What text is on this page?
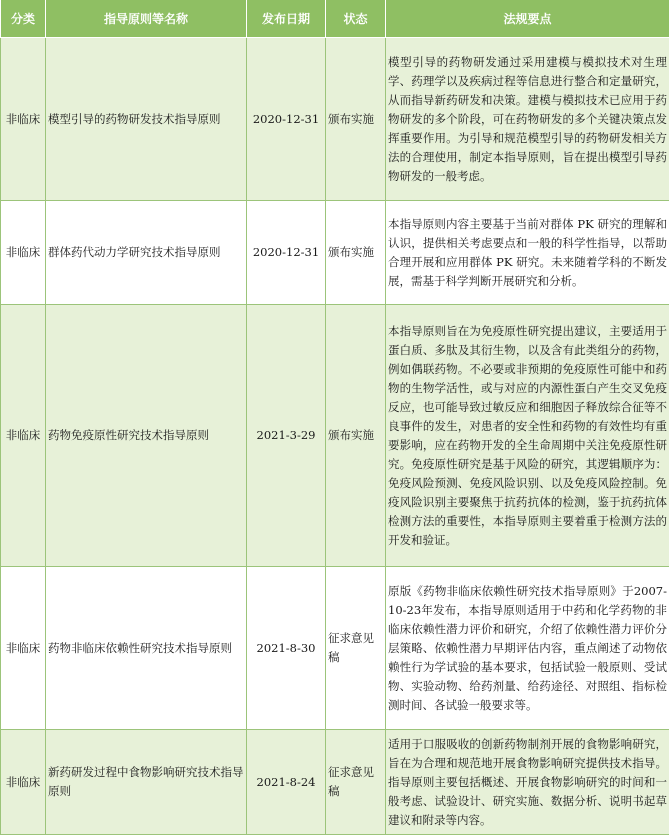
分类	指导原则等名称	发布日期	状态	法规要点
非临床	模型引导的药物研发技术指导原则	2020-12-31	颁布实施	模型引导的药物研发通过采用建模与模拟技术对生理学、药理学以及疾病过程等信息进行整合和定量研究，从而指导新药研发和决策。建模与模拟技术已应用于药物研发的多个阶段，可在药物研发的多个关键决策点发挥重要作用。为引导和规范模型引导的药物研发相关方法的合理使用，制定本指导原则，旨在提出模型引导药物研发的一般考虑。
非临床	群体药代动力学研究技术指导原则	2020-12-31	颁布实施	本指导原则内容主要基于当前对群体 PK 研究的理解和认识，提供相关考虑要点和一般的科学性指导，以帮助合理开展和应用群体 PK 研究。未来随着学科的不断发展，需基于科学判断开展研究和分析。
非临床	药物免疫原性研究技术指导原则	2021-3-29	颁布实施	本指导原则旨在为免疫原性研究提出建议，主要适用于蛋白质、多肽及其衍生物，以及含有此类组分的药物，例如偶联药物。不必要或非预期的免疫原性可能中和药物的生物学活性，或与对应的内源性蛋白产生交叉免疫反应，也可能导致过敏反应和细胞因子释放综合征等不良事件的发生，对患者的安全性和药物的有效性均有重要影响，应在药物开发的全生命周期中关注免疫原性研究。免疫原性研究是基于风险的研究，其逻辑顺序为：免疫风险预测、免疫风险识别、以及免疫风险控制。免疫风险识别主要聚焦于抗药抗体的检测，鉴于抗药抗体检测方法的重要性，本指导原则主要着重于检测方法的开发和验证。
非临床	药物非临床依赖性研究技术指导原则	2021-8-30	征求意见稿	原版《药物非临床依赖性研究技术指导原则》于2007-10-23年发布，本指导原则适用于中药和化学药物的非临床依赖性潜力评价和研究，介绍了依赖性潜力评价分层策略、依赖性潜力早期评估内容，重点阐述了动物依赖性行为学试验的基本要求，包括试验一般原则、受试物、实验动物、给药剂量、给药途径、对照组、指标检测时间、各试验一般要求等。
非临床	新药研发过程中食物影响研究技术指导原则	2021-8-24	征求意见稿	适用于口服吸收的创新药物制剂开展的食物影响研究，旨在为合理和规范地开展食物影响研究提供技术指导。指导原则主要包括概述、开展食物影响研究的时间和一般考虑、试验设计、研究实施、数据分析、说明书起草建议和附录等内容。
